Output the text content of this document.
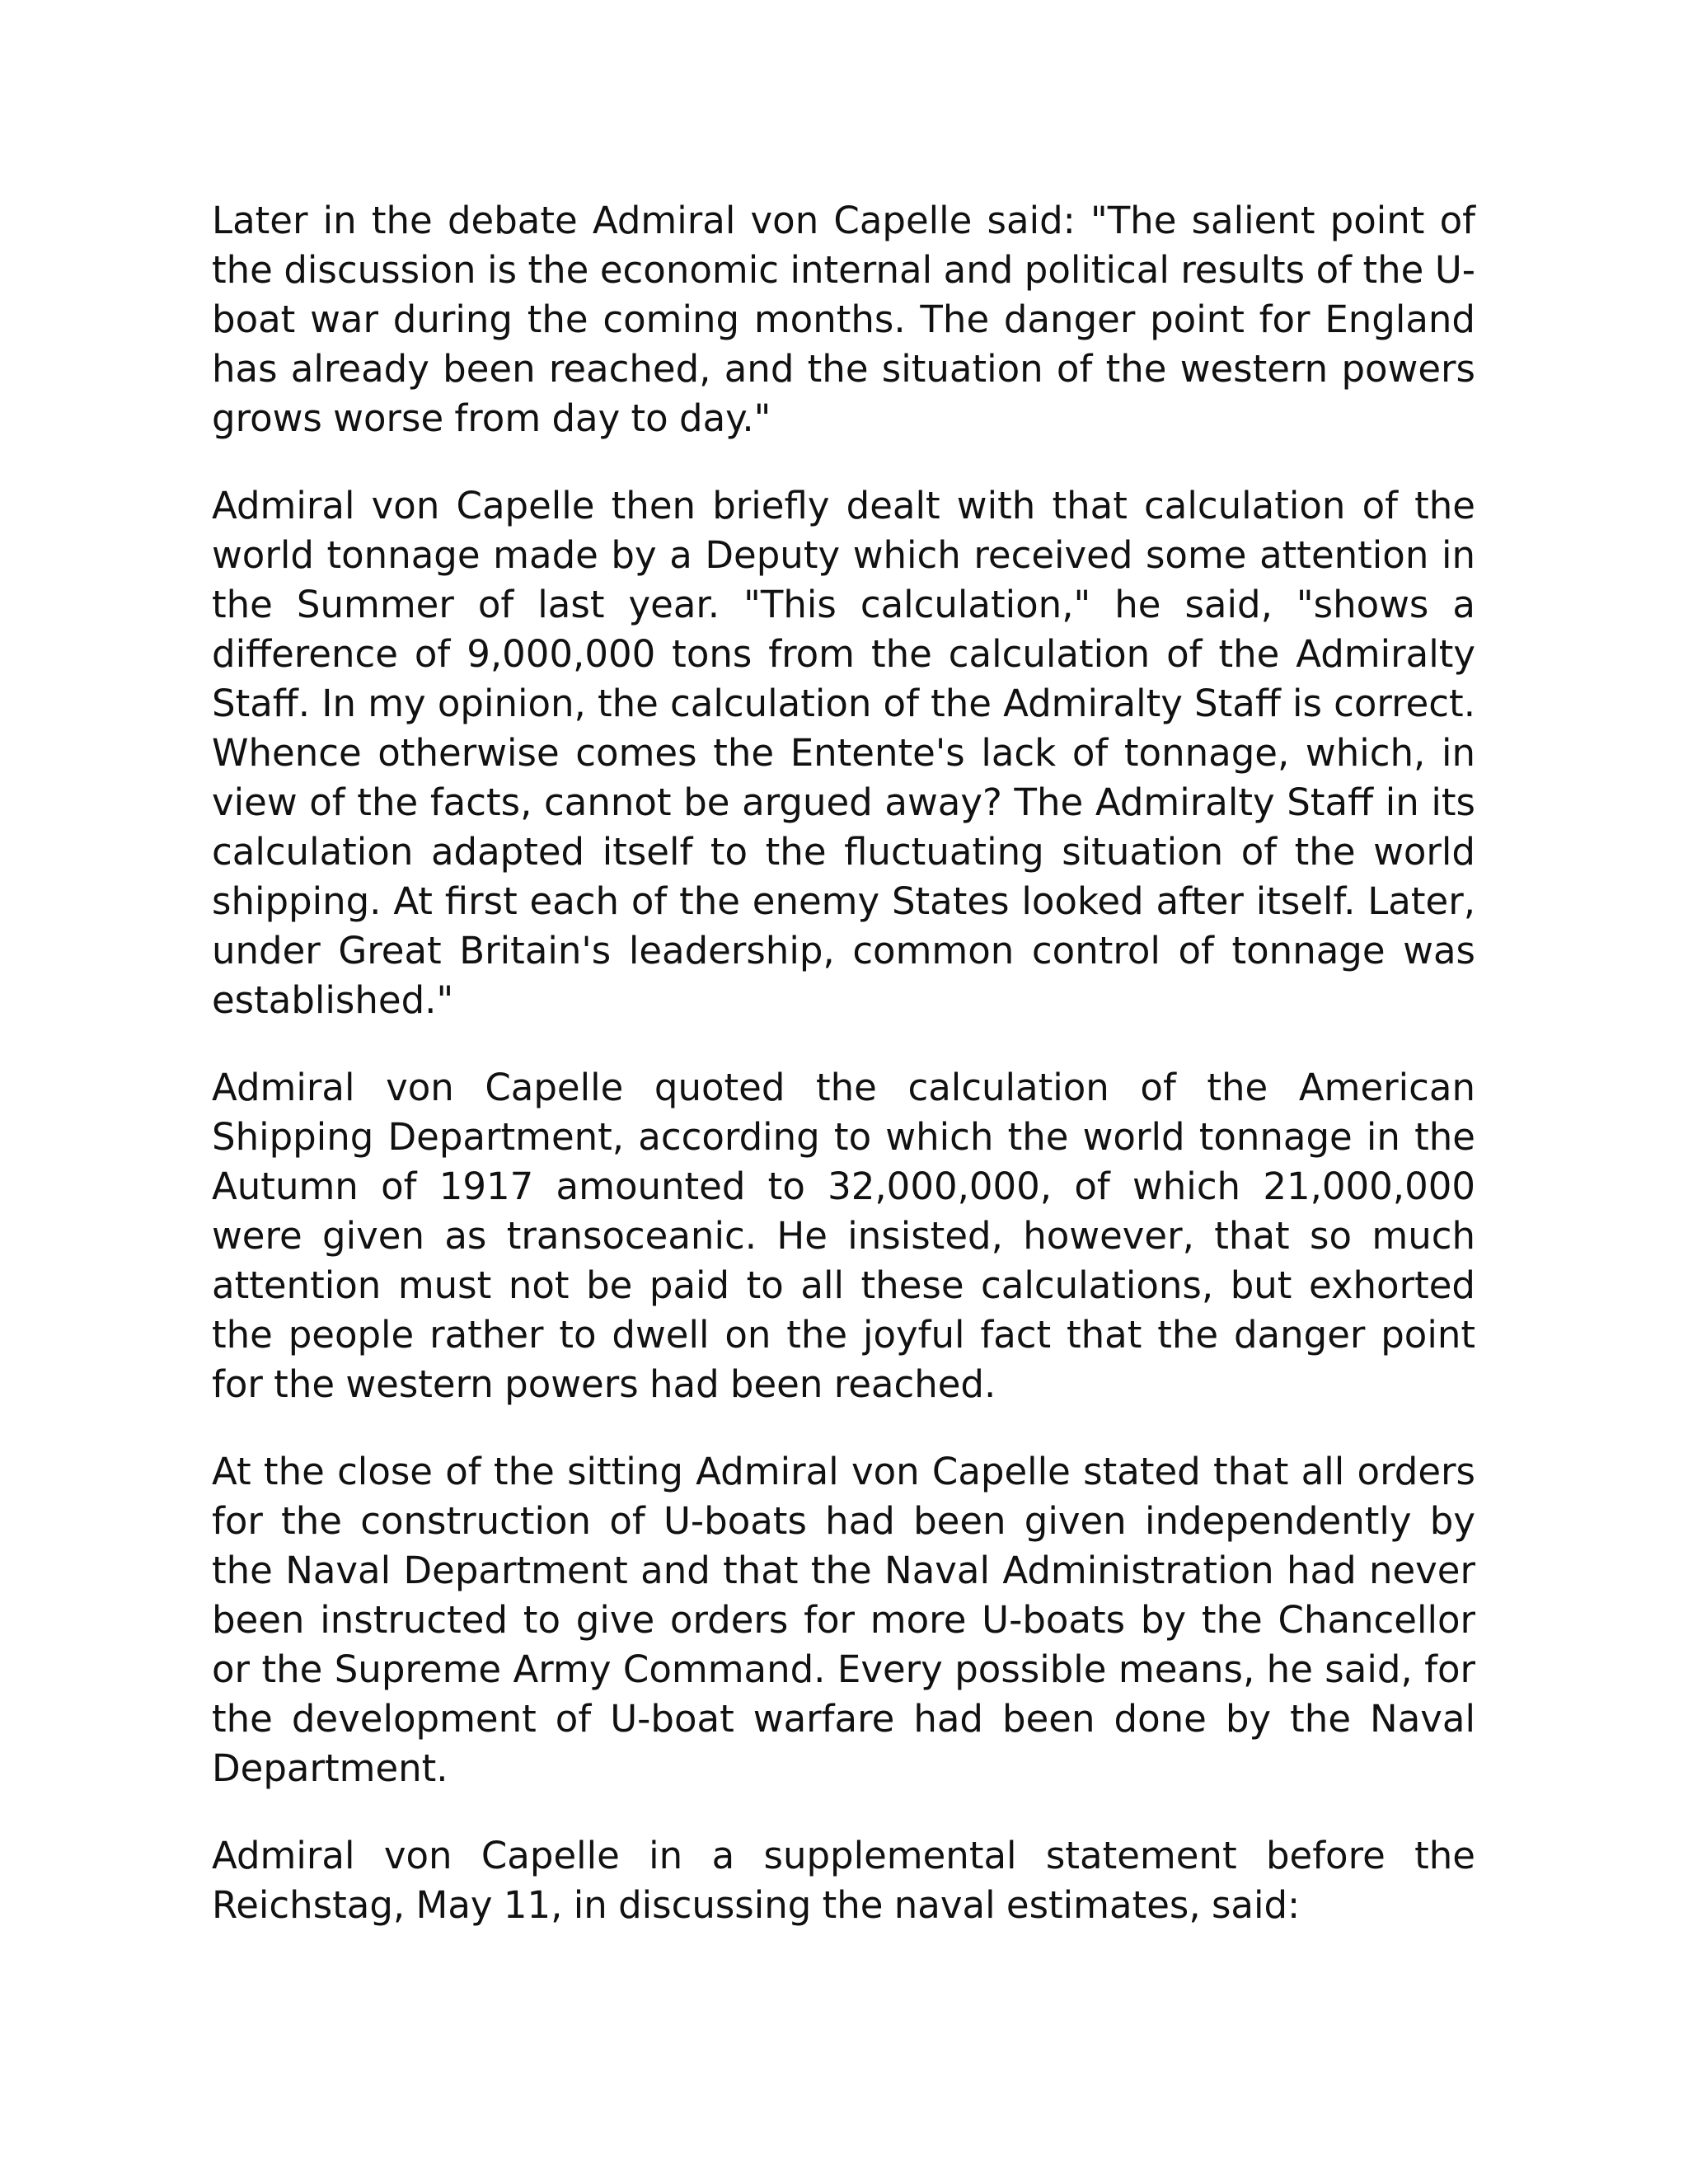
Later in the debate Admiral von Capelle said: "The salient point of the discussion is the economic internal and political results of the U-boat war during the coming months. The danger point for England has already been reached, and the situation of the western powers grows worse from day to day."

Admiral von Capelle then briefly dealt with that calculation of the world tonnage made by a Deputy which received some attention in the Summer of last year. "This calculation," he said, "shows a difference of 9,000,000 tons from the calculation of the Admiralty Staff. In my opinion, the calculation of the Admiralty Staff is correct. Whence otherwise comes the Entente's lack of tonnage, which, in view of the facts, cannot be argued away? The Admiralty Staff in its calculation adapted itself to the fluctuating situation of the world shipping. At first each of the enemy States looked after itself. Later, under Great Britain's leadership, common control of tonnage was established."

Admiral von Capelle quoted the calculation of the American Shipping Department, according to which the world tonnage in the Autumn of 1917 amounted to 32,000,000, of which 21,000,000 were given as transoceanic. He insisted, however, that so much attention must not be paid to all these calculations, but exhorted the people rather to dwell on the joyful fact that the danger point for the western powers had been reached.

At the close of the sitting Admiral von Capelle stated that all orders for the construction of U-boats had been given independently by the Naval Department and that the Naval Administration had never been instructed to give orders for more U-boats by the Chancellor or the Supreme Army Command. Every possible means, he said, for the development of U-boat warfare had been done by the Naval Department.

Admiral von Capelle in a supplemental statement before the Reichstag, May 11, in discussing the naval estimates, said:
